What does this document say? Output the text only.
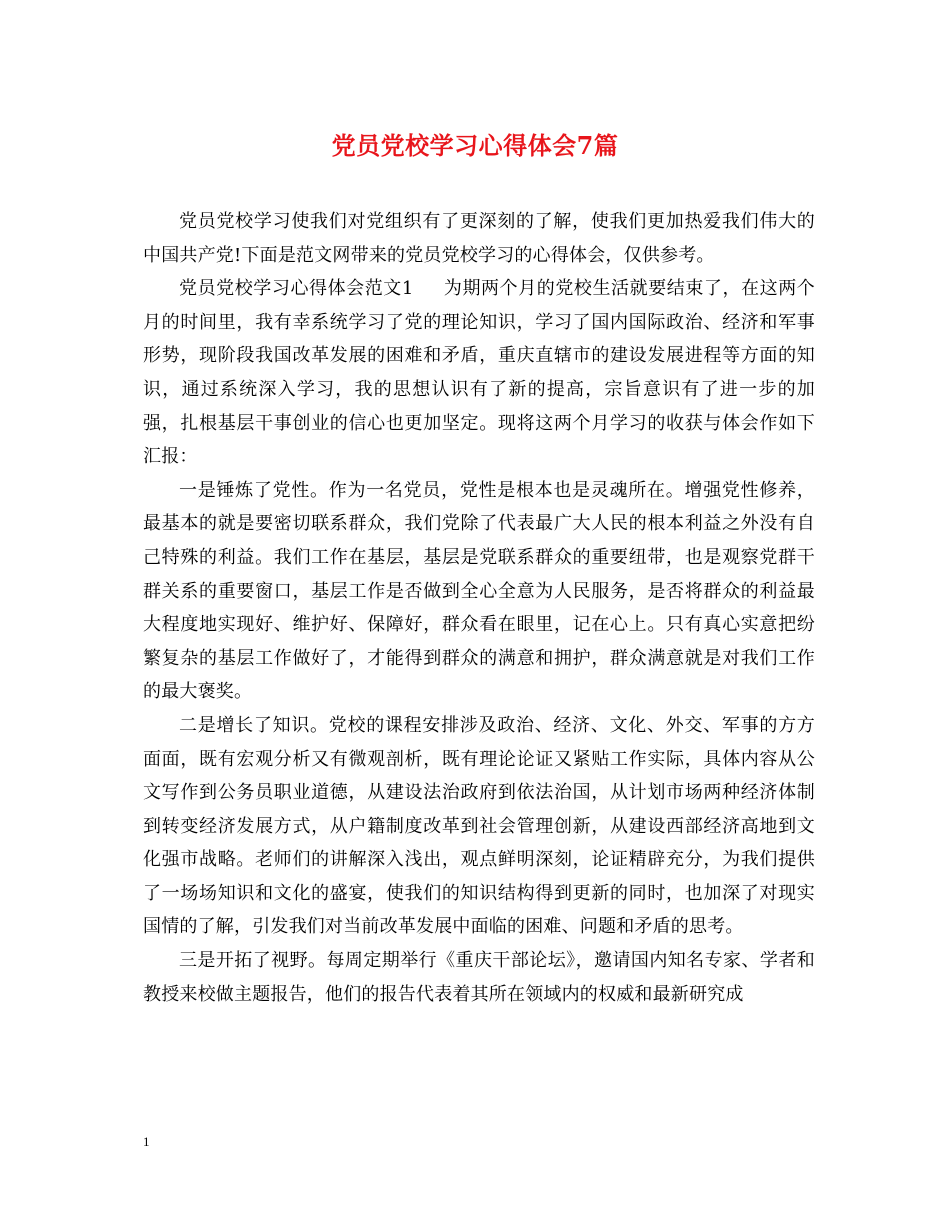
党员党校学习心得体会7篇

党员党校学习使我们对党组织有了更深刻的了解，使我们更加热爱我们伟大的中国共产党!下面是范文网带来的党员党校学习的心得体会，仅供参考。

党员党校学习心得体会范文1 为期两个月的党校生活就要结束了，在这两个月的时间里，我有幸系统学习了党的理论知识，学习了国内国际政治、经济和军事形势，现阶段我国改革发展的困难和矛盾，重庆直辖市的建设发展进程等方面的知识，通过系统深入学习，我的思想认识有了新的提高，宗旨意识有了进一步的加强，扎根基层干事创业的信心也更加坚定。现将这两个月学习的收获与体会作如下汇报：

一是锤炼了党性。作为一名党员，党性是根本也是灵魂所在。增强党性修养，最基本的就是要密切联系群众，我们党除了代表最广大人民的根本利益之外没有自己特殊的利益。我们工作在基层，基层是党联系群众的重要纽带，也是观察党群干群关系的重要窗口，基层工作是否做到全心全意为人民服务，是否将群众的利益最大程度地实现好、维护好、保障好，群众看在眼里，记在心上。只有真心实意把纷繁复杂的基层工作做好了，才能得到群众的满意和拥护，群众满意就是对我们工作的最大褒奖。

二是增长了知识。党校的课程安排涉及政治、经济、文化、外交、军事的方方面面，既有宏观分析又有微观剖析，既有理论论证又紧贴工作实际，具体内容从公文写作到公务员职业道德，从建设法治政府到依法治国，从计划市场两种经济体制到转变经济发展方式，从户籍制度改革到社会管理创新，从建设西部经济高地到文化强市战略。老师们的讲解深入浅出，观点鲜明深刻，论证精辟充分，为我们提供了一场场知识和文化的盛宴，使我们的知识结构得到更新的同时，也加深了对现实国情的了解，引发我们对当前改革发展中面临的困难、问题和矛盾的思考。

三是开拓了视野。每周定期举行《重庆干部论坛》，邀请国内知名专家、学者和教授来校做主题报告，他们的报告代表着其所在领域内的权威和最新研究成

1
